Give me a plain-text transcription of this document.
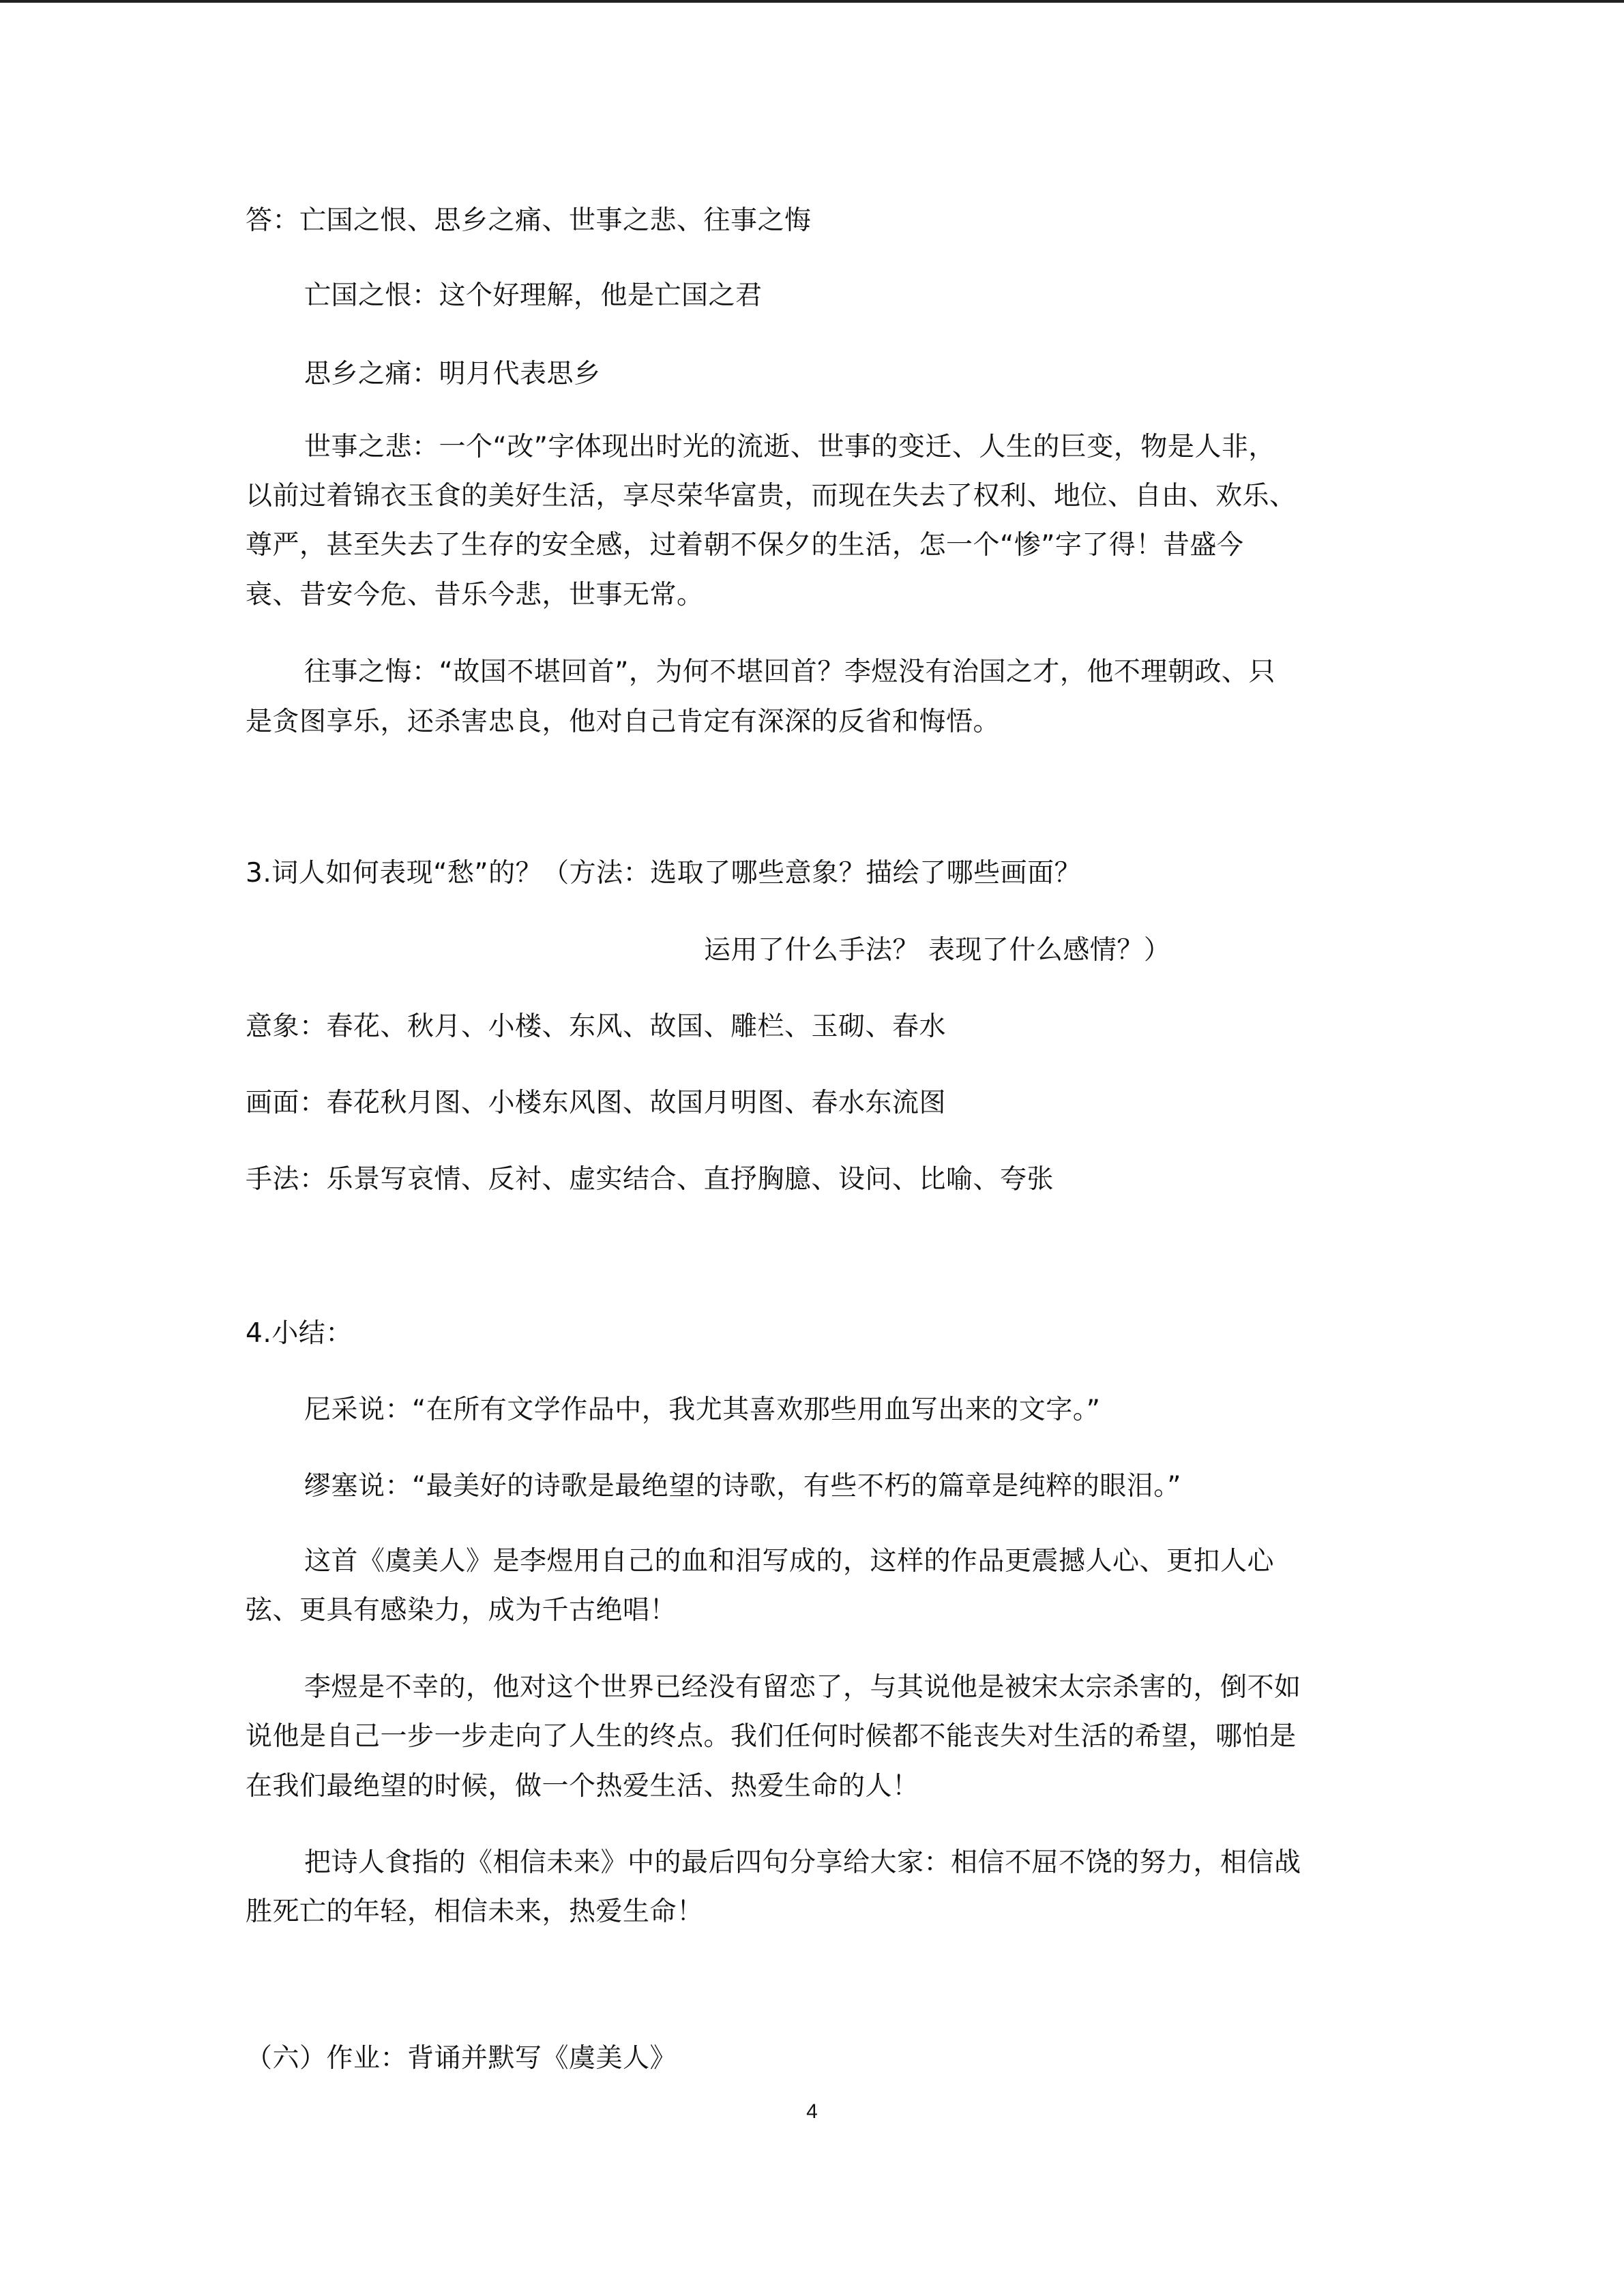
答：亡国之恨、思乡之痛、世事之悲、往事之悔
亡国之恨：这个好理解，他是亡国之君
思乡之痛：明月代表思乡
世事之悲：一个“改”字体现出时光的流逝、世事的变迁、人生的巨变，物是人非，
以前过着锦衣玉食的美好生活，享尽荣华富贵，而现在失去了权利、地位、自由、欢乐、
尊严，甚至失去了生存的安全感，过着朝不保夕的生活，怎一个“惨”字了得！昔盛今
衰、昔安今危、昔乐今悲，世事无常。
往事之悔：“故国不堪回首”，为何不堪回首？李煜没有治国之才，他不理朝政、只
是贪图享乐，还杀害忠良，他对自己肯定有深深的反省和悔悟。
3.词人如何表现“愁”的？（方法：选取了哪些意象？描绘了哪些画面？
运用了什么手法？ 表现了什么感情？）
意象：春花、秋月、小楼、东风、故国、雕栏、玉砌、春水
画面：春花秋月图、小楼东风图、故国月明图、春水东流图
手法：乐景写哀情、反衬、虚实结合、直抒胸臆、设问、比喻、夸张
4.小结：
尼采说：“在所有文学作品中，我尤其喜欢那些用血写出来的文字。”
缪塞说：“最美好的诗歌是最绝望的诗歌，有些不朽的篇章是纯粹的眼泪。”
这首《虞美人》是李煜用自己的血和泪写成的，这样的作品更震撼人心、更扣人心
弦、更具有感染力，成为千古绝唱！
李煜是不幸的，他对这个世界已经没有留恋了，与其说他是被宋太宗杀害的，倒不如
说他是自己一步一步走向了人生的终点。我们任何时候都不能丧失对生活的希望，哪怕是
在我们最绝望的时候，做一个热爱生活、热爱生命的人！
把诗人食指的《相信未来》中的最后四句分享给大家：相信不屈不饶的努力，相信战
胜死亡的年轻，相信未来，热爱生命！
（六）作业：背诵并默写《虞美人》
4
